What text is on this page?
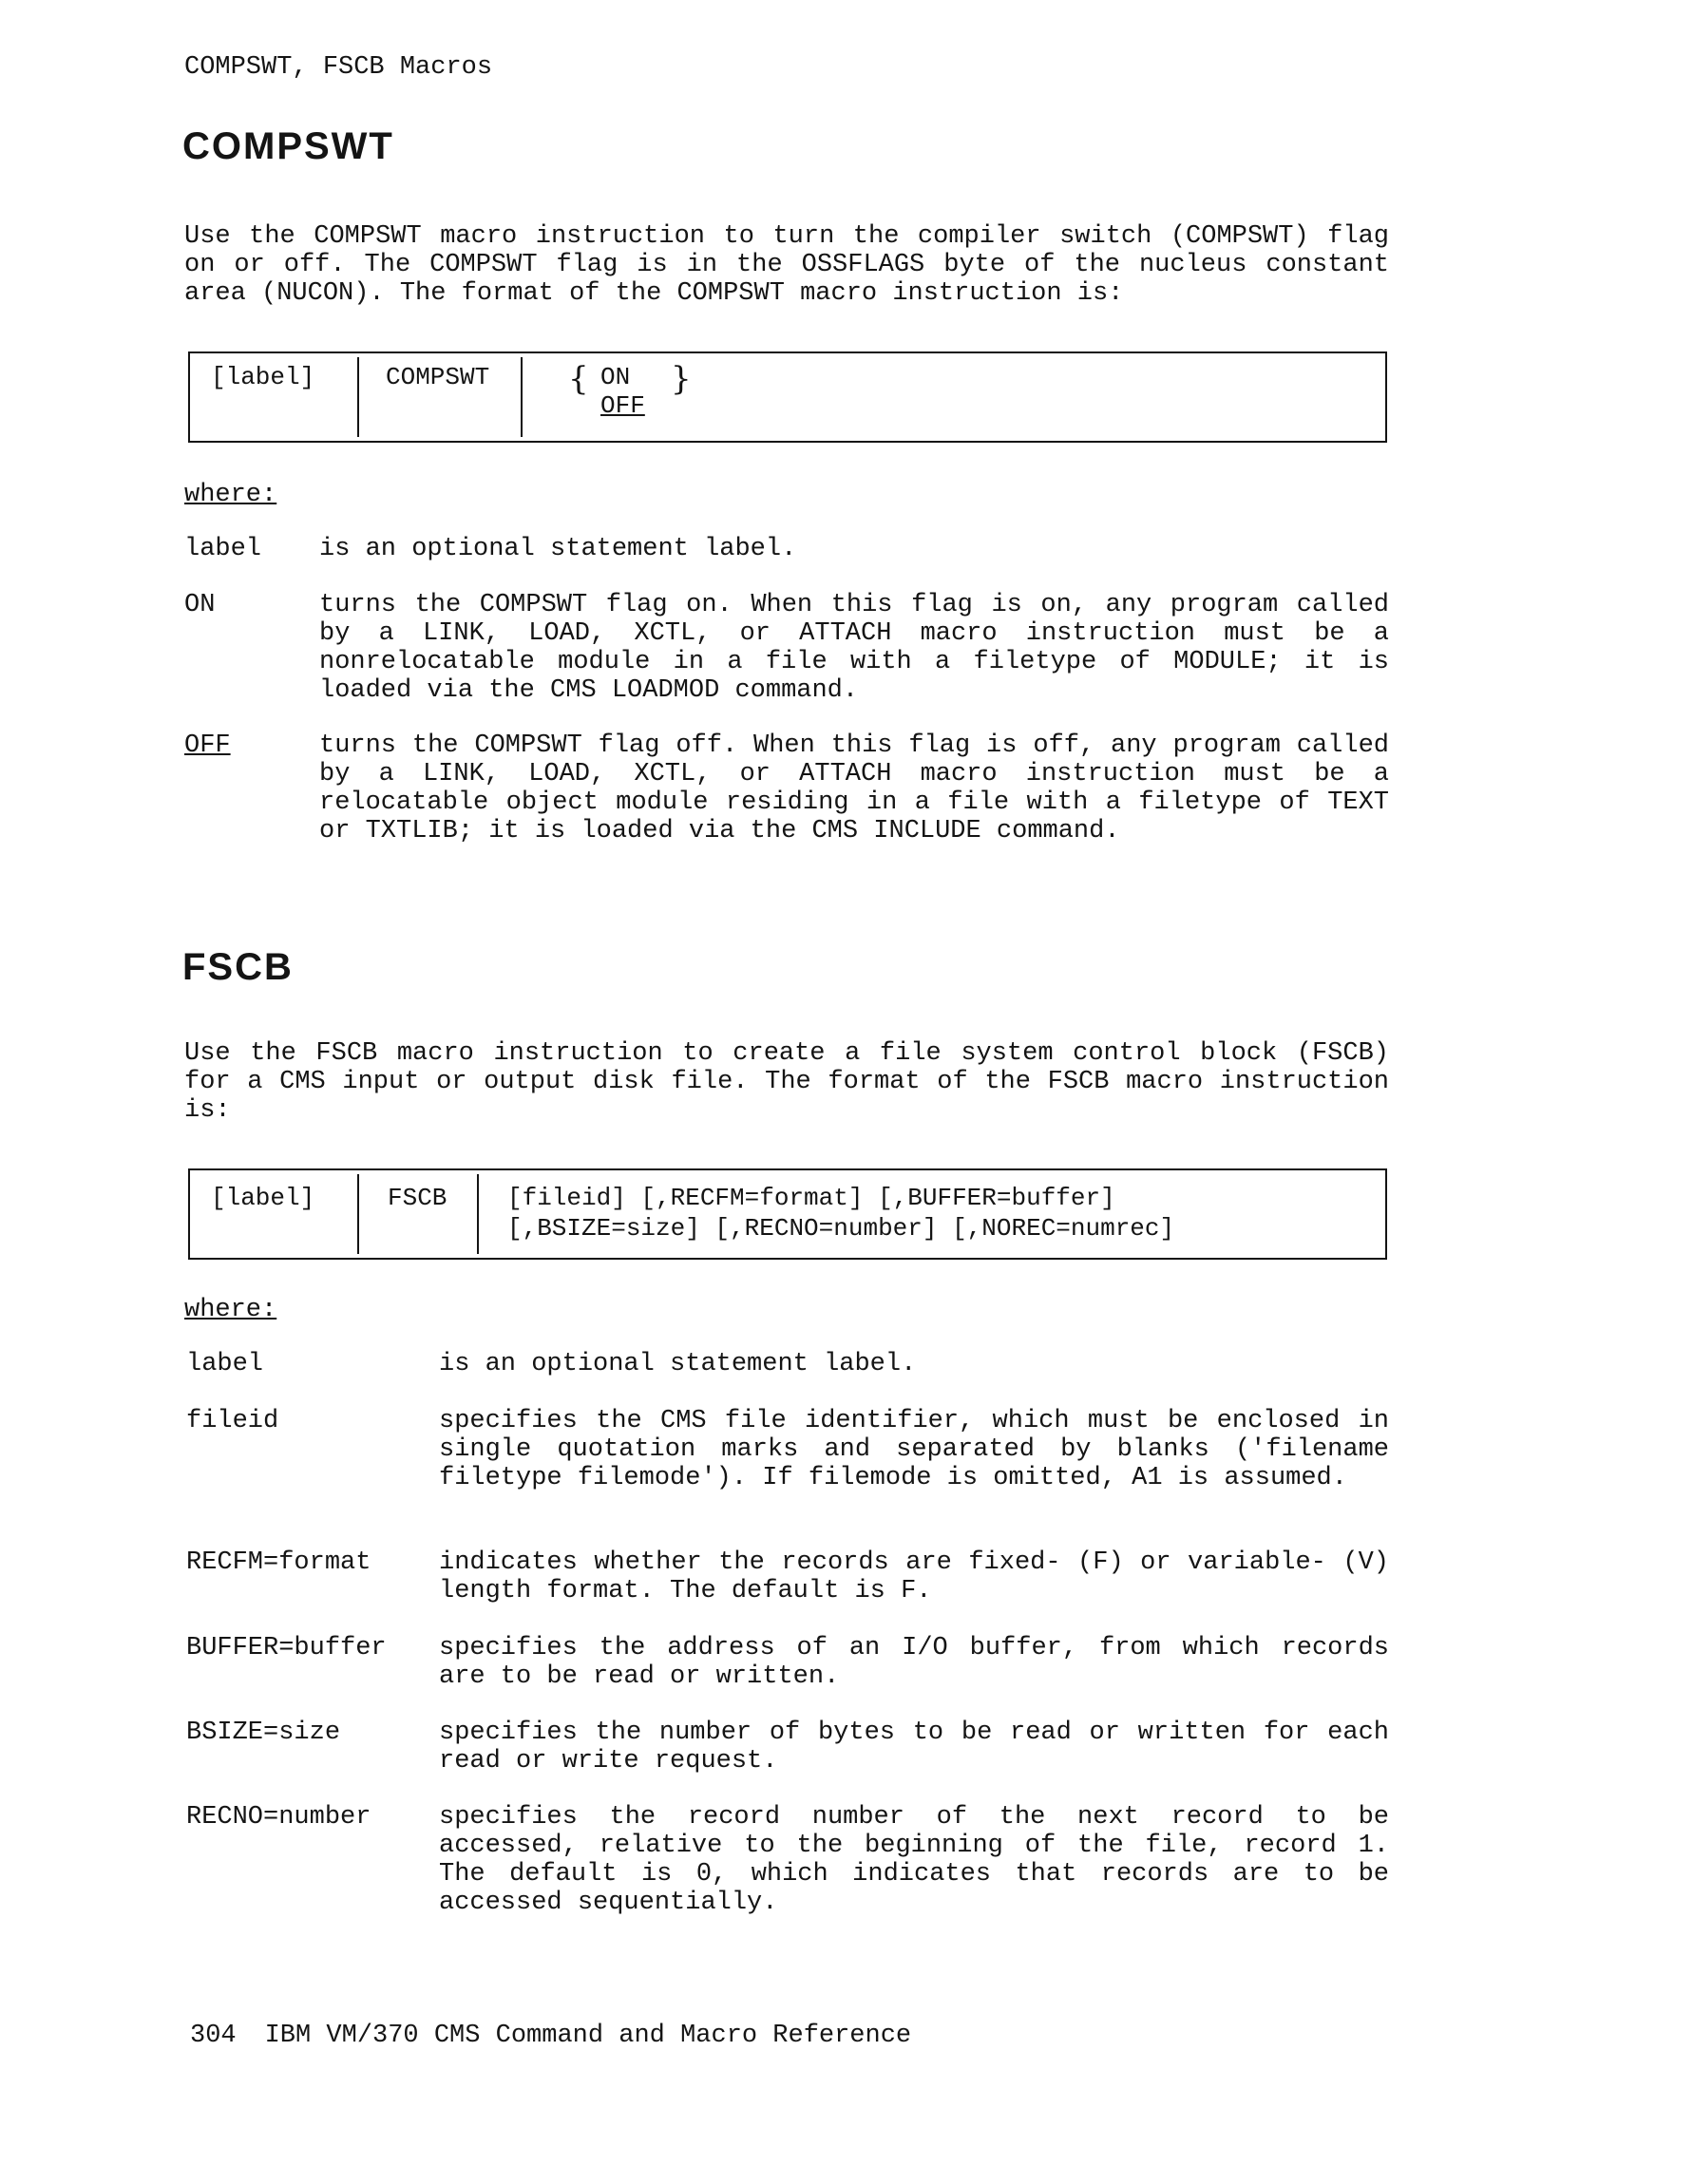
COMPSWT, FSCB Macros
COMPSWT

Use the COMPSWT macro instruction to turn the compiler switch (COMPSWT) flag on or off. The COMPSWT flag is in the OSSFLAGS byte of the nucleus constant area (NUCON). The format of the COMPSWT macro instruction is:

[label]	COMPSWT { ON
OFF
}
where:
label is an optional statement label.

ON	turns the COMPSWT flag on. When this flag is on, any program called by a LINK, LOAD, XCTL, or ATTACH macro instruction must be a nonrelocatable module in a file with a filetype of MODULE; it is loaded via the CMS LOADMOD command.

OFF	turns the COMPSWT flag off. When this flag is off, any program called by a LINK, LOAD, XCTL, or ATTACH macro instruction must be a relocatable object module residing in a file with a filetype of TEXT or TXTLIB; it is loaded via the CMS INCLUDE command.

FSCB

Use the FSCB macro instruction to create a file system control block (FSCB) for a CMS input or output disk file. The format of the FSCB macro instruction is:

[label]	FSCB [fileid] [,RECFM=format] [,BUFFER=buffer]
[,BSIZE=size] [,RECNO=number] [,NOREC=numrec]
where:
label	is an optional statement label.

fileid	specifies the CMS file identifier, which must be enclosed in single quotation marks and separated by blanks ('filename filetype filemode'). If filemode is omitted, A1 is assumed.

RECFM=format	indicates whether the records are fixed- (F) or variable- (V) length format. The default is F.

BUFFER=buffer specifies the address of an I/O buffer, from which records are to be read or written.

BSIZE=size	specifies the number of bytes to be read or written for each read or write request.

RECNO=number	specifies the record number of the next record to be accessed, relative to the beginning of the file, record 1. The default is 0, which indicates that records are to be accessed sequentially.

304 IBM VM/370 CMS Command and Macro Reference
